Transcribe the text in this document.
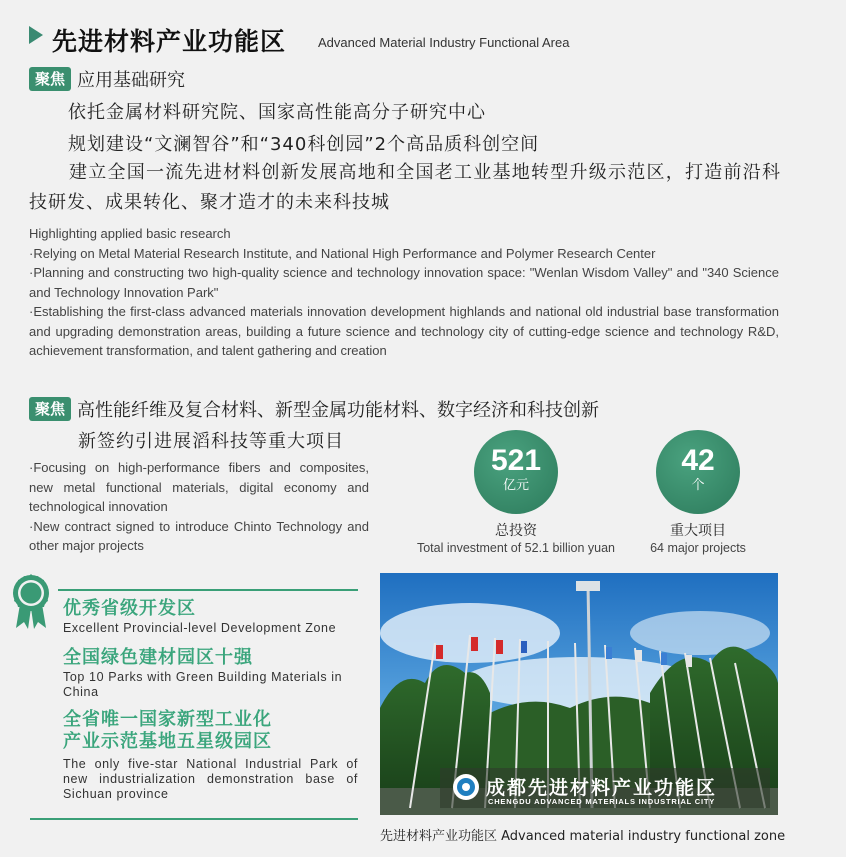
先进材料产业功能区 Advanced Material Industry Functional Area
聚焦 应用基础研究
依托金属材料研究院、国家高性能高分子研究中心
规划建设“文澜智谷”和“340科创园”2个高品质科创空间
建立全国一流先进材料创新发展高地和全国老工业基地转型升级示范区，打造前沿科技研发、成果转化、聚才造才的未来科技城
Highlighting applied basic research
·Relying on Metal Material Research Institute, and National High Performance and Polymer Research Center
·Planning and constructing two high-quality science and technology innovation space: "Wenlan Wisdom Valley" and "340 Science and Technology Innovation Park"
·Establishing the first-class advanced materials innovation development highlands and national old industrial base transformation and upgrading demonstration areas, building a future science and technology city of cutting-edge science and technology R&D, achievement transformation, and talent gathering and creation
聚焦 高性能纤维及复合材料、新型金属功能材料、数字经济和科技创新
新签约引进展滔科技等重大项目
·Focusing on high-performance fibers and composites, new metal functional materials, digital economy and technological innovation
·New contract signed to introduce Chinto Technology and other major projects
521
亿元
总投资
Total investment of 52.1 billion yuan
42
个
重大项目
64 major projects
优秀省级开发区
Excellent Provincial-level Development Zone
全国绿色建材园区十强
Top 10 Parks with Green Building Materials in China
全省唯一国家新型工业化
产业示范基地五星级园区
The only five-star National Industrial Park of new industrialization demonstration base of Sichuan province	成都先进材料产业功能区
CHENGDU ADVANCED MATERIALS INDUSTRIAL CITY
先进材料产业功能区 Advanced material industry functional zone
